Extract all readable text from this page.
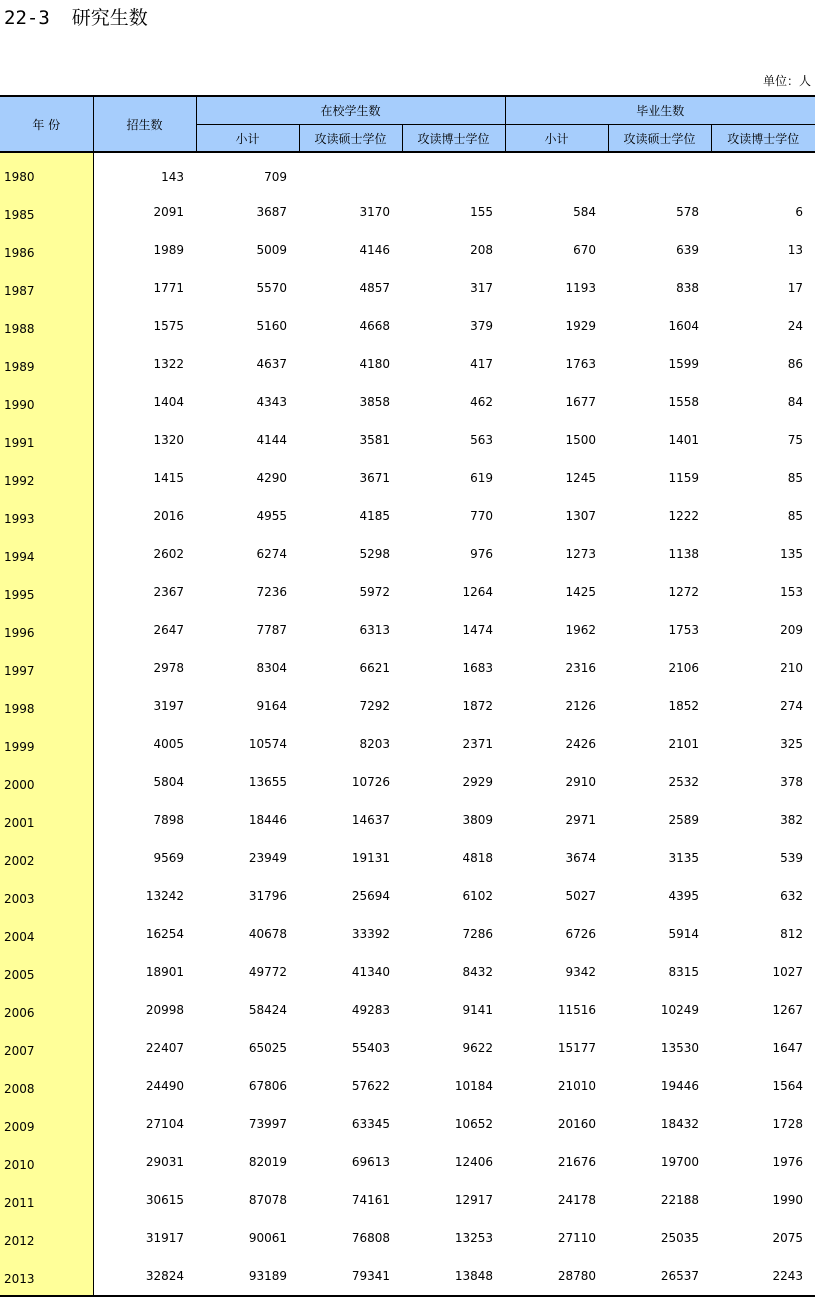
22-3 研究生数
单位：人
年 份	招生数	在校学生数			毕业生数		
		小计	攻读硕士学位	攻读博士学位	小计	攻读硕士学位	攻读博士学位
1980	143	709					
1985	2091	3687	3170	155	584	578	6
1986	1989	5009	4146	208	670	639	13
1987	1771	5570	4857	317	1193	838	17
1988	1575	5160	4668	379	1929	1604	24
1989	1322	4637	4180	417	1763	1599	86
1990	1404	4343	3858	462	1677	1558	84
1991	1320	4144	3581	563	1500	1401	75
1992	1415	4290	3671	619	1245	1159	85
1993	2016	4955	4185	770	1307	1222	85
1994	2602	6274	5298	976	1273	1138	135
1995	2367	7236	5972	1264	1425	1272	153
1996	2647	7787	6313	1474	1962	1753	209
1997	2978	8304	6621	1683	2316	2106	210
1998	3197	9164	7292	1872	2126	1852	274
1999	4005	10574	8203	2371	2426	2101	325
2000	5804	13655	10726	2929	2910	2532	378
2001	7898	18446	14637	3809	2971	2589	382
2002	9569	23949	19131	4818	3674	3135	539
2003	13242	31796	25694	6102	5027	4395	632
2004	16254	40678	33392	7286	6726	5914	812
2005	18901	49772	41340	8432	9342	8315	1027
2006	20998	58424	49283	9141	11516	10249	1267
2007	22407	65025	55403	9622	15177	13530	1647
2008	24490	67806	57622	10184	21010	19446	1564
2009	27104	73997	63345	10652	20160	18432	1728
2010	29031	82019	69613	12406	21676	19700	1976
2011	30615	87078	74161	12917	24178	22188	1990
2012	31917	90061	76808	13253	27110	25035	2075
2013	32824	93189	79341	13848	28780	26537	2243
